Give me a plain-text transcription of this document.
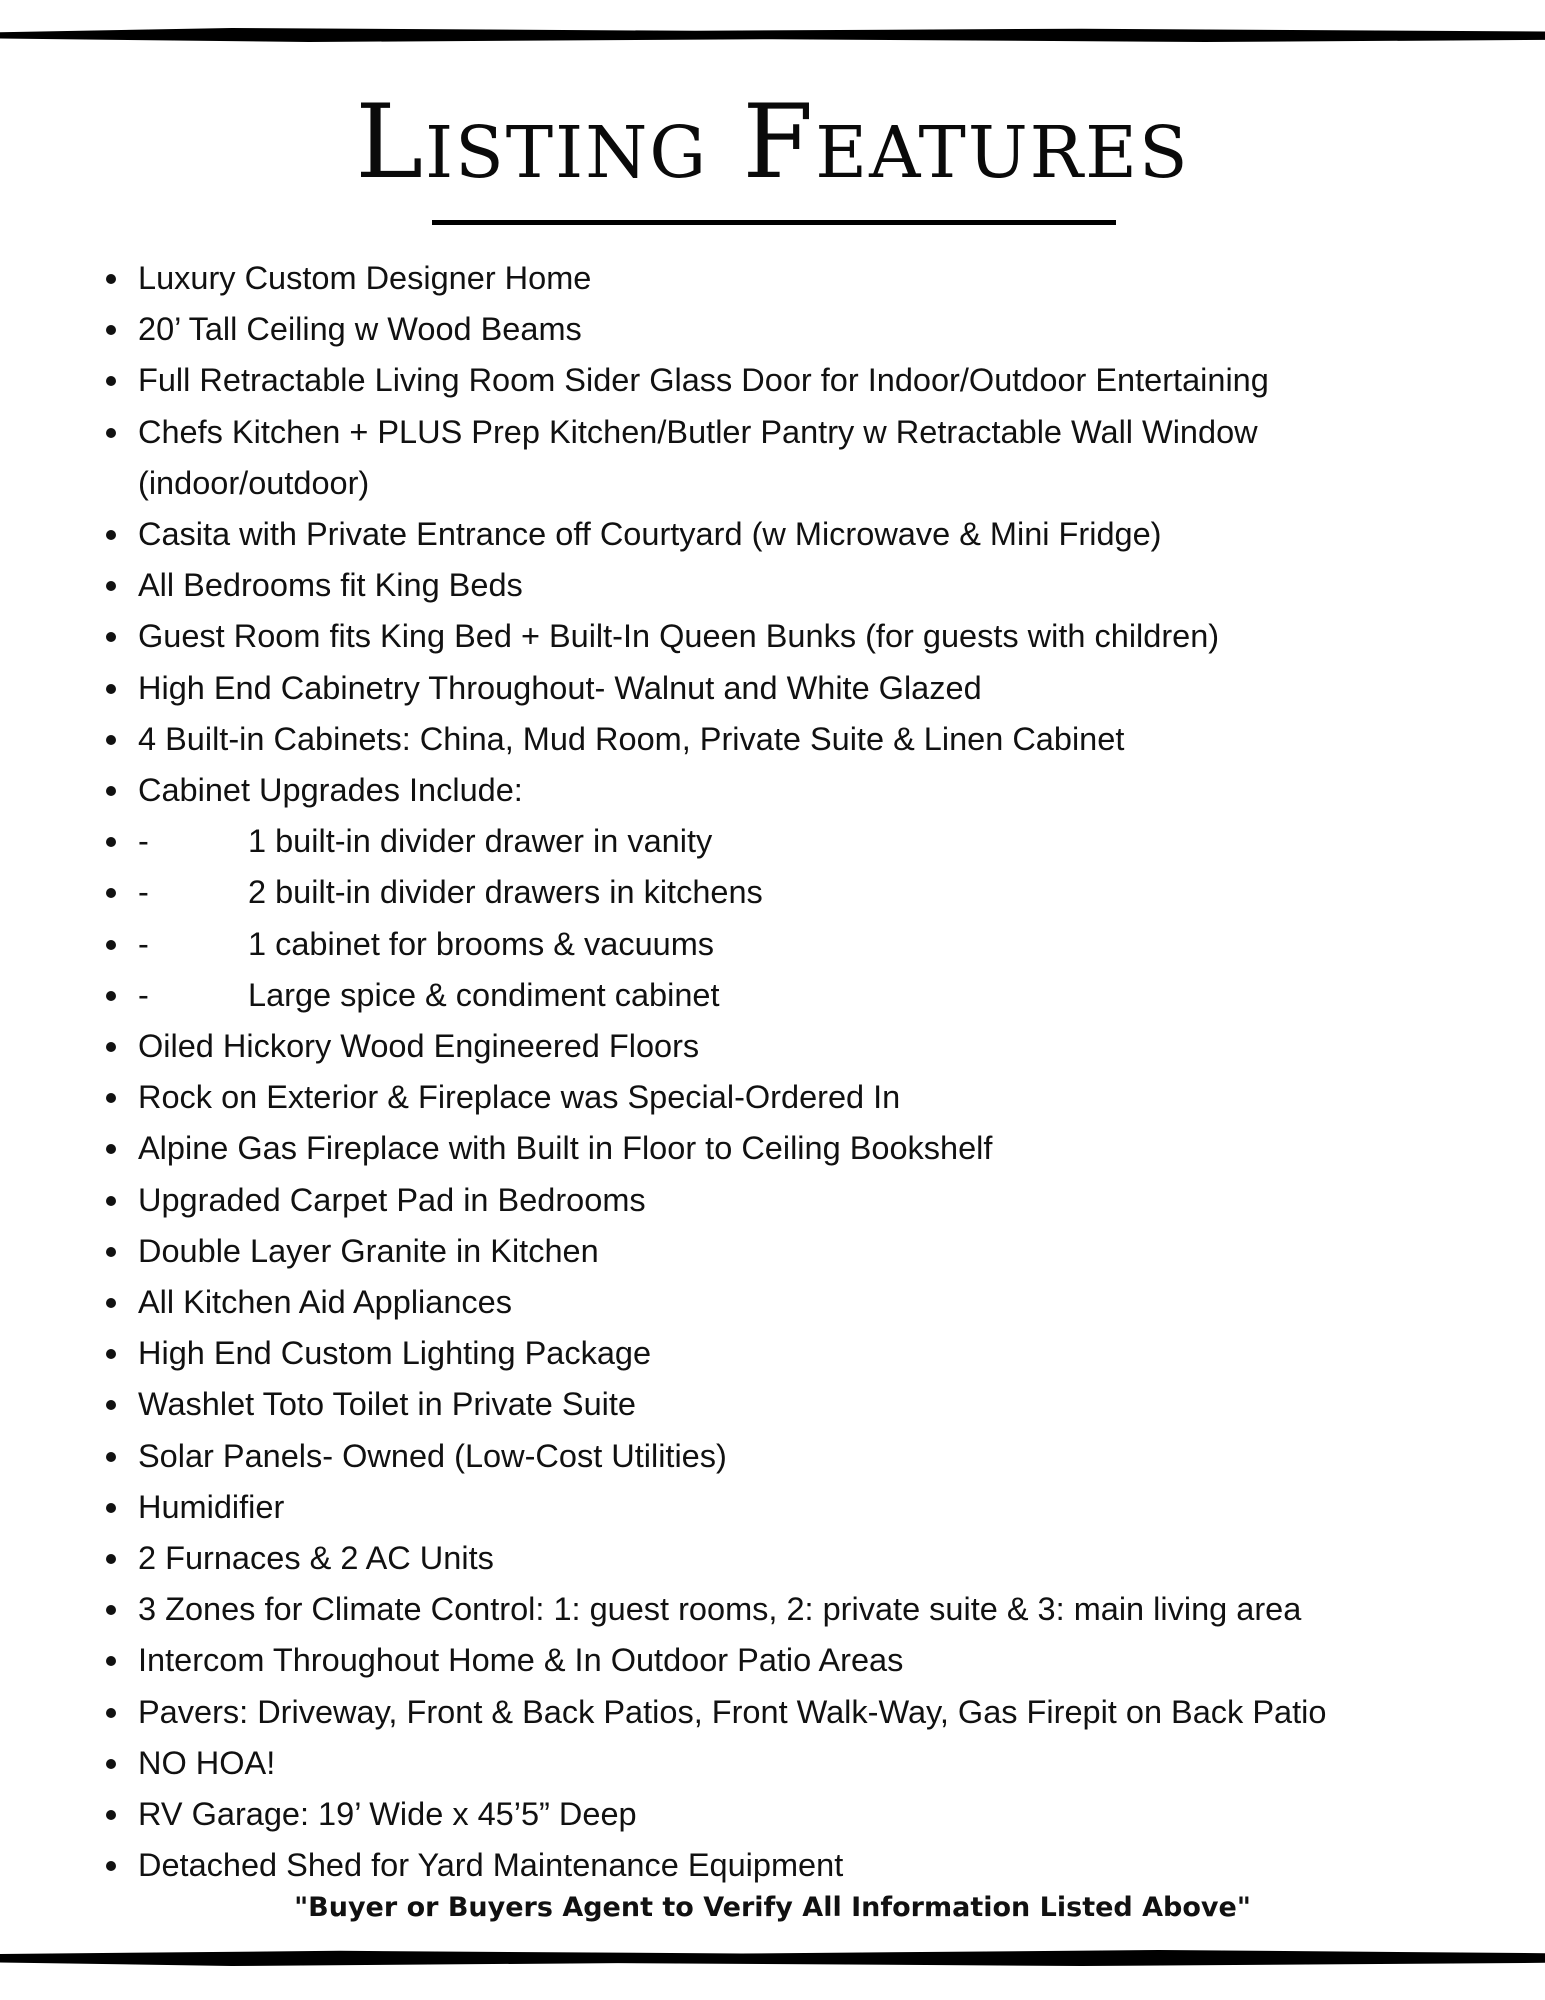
Listing Features
Luxury Custom Designer Home
20’ Tall Ceiling w Wood Beams
Full Retractable Living Room Sider Glass Door for Indoor/Outdoor Entertaining
Chefs Kitchen + PLUS Prep Kitchen/Butler Pantry w Retractable Wall Window
(indoor/outdoor)
Casita with Private Entrance off Courtyard (w Microwave & Mini Fridge)
All Bedrooms fit King Beds
Guest Room fits King Bed + Built-In Queen Bunks (for guests with children)
High End Cabinetry Throughout- Walnut and White Glazed
4 Built-in Cabinets: China, Mud Room, Private Suite & Linen Cabinet
Cabinet Upgrades Include:
-	1 built-in divider drawer in vanity
-	2 built-in divider drawers in kitchens
-	1 cabinet for brooms & vacuums
-	Large spice & condiment cabinet
Oiled Hickory Wood Engineered Floors
Rock on Exterior & Fireplace was Special-Ordered In
Alpine Gas Fireplace with Built in Floor to Ceiling Bookshelf
Upgraded Carpet Pad in Bedrooms
Double Layer Granite in Kitchen
All Kitchen Aid Appliances
High End Custom Lighting Package
Washlet Toto Toilet in Private Suite
Solar Panels- Owned (Low-Cost Utilities)
Humidifier
2 Furnaces & 2 AC Units
3 Zones for Climate Control: 1: guest rooms, 2: private suite & 3: main living area
Intercom Throughout Home & In Outdoor Patio Areas
Pavers: Driveway, Front & Back Patios, Front Walk-Way, Gas Firepit on Back Patio
NO HOA!
RV Garage: 19’ Wide x 45’5” Deep
Detached Shed for Yard Maintenance Equipment

"Buyer or Buyers Agent to Verify All Information Listed Above"
